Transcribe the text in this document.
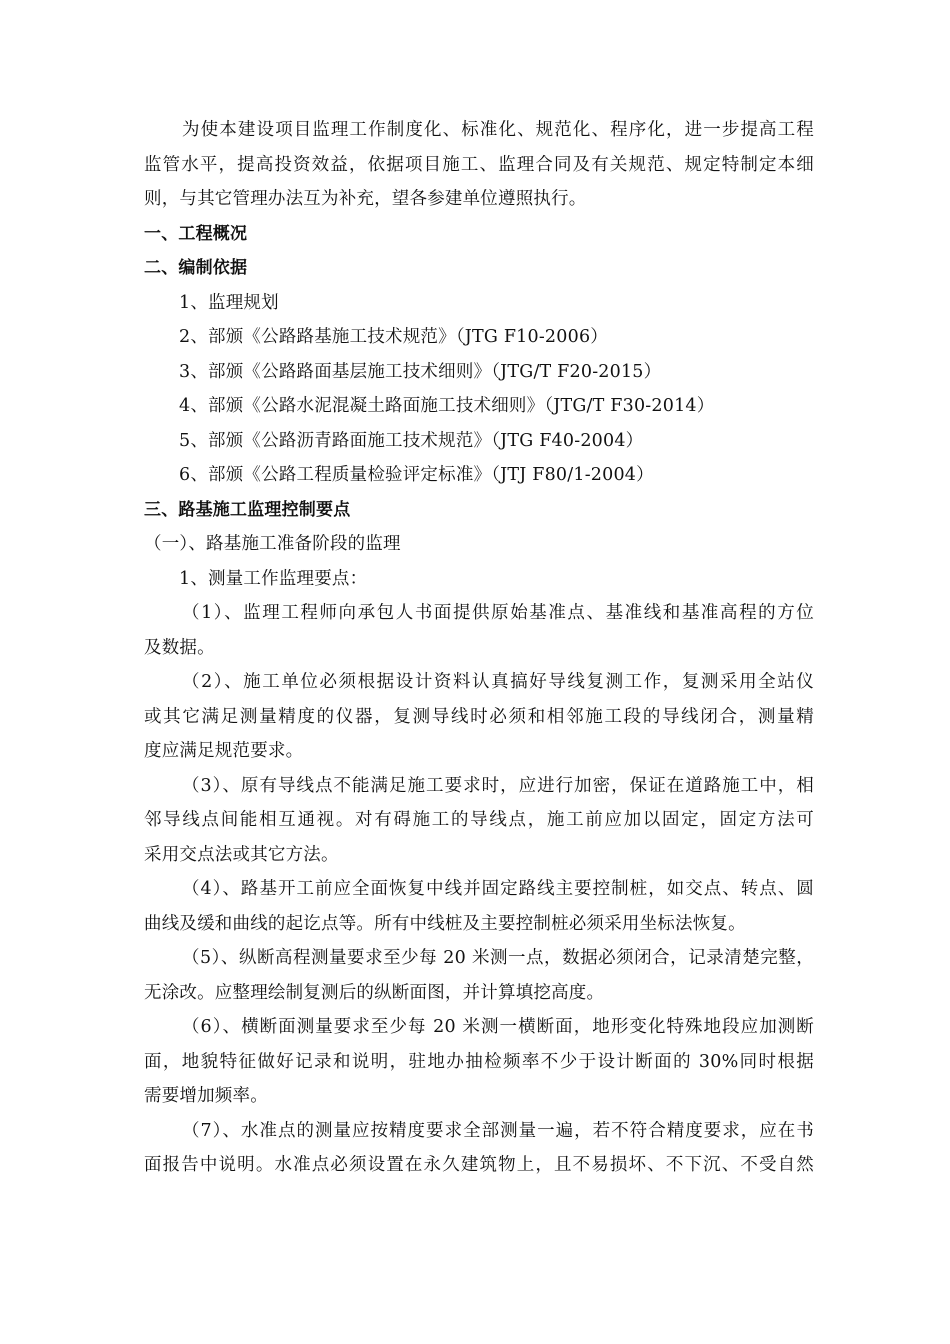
为使本建设项目监理工作制度化、标准化、规范化、程序化，进一步提高工程
监管水平，提高投资效益，依据项目施工、监理合同及有关规范、规定特制定本细
则，与其它管理办法互为补充，望各参建单位遵照执行。
一、工程概况
二、编制依据
1、监理规划
2、部颁《公路路基施工技术规范》（JTG F10-2006）
3、部颁《公路路面基层施工技术细则》（JTG/T F20-2015）
4、部颁《公路水泥混凝土路面施工技术细则》（JTG/T F30-2014）
5、部颁《公路沥青路面施工技术规范》（JTG F40-2004）
6、部颁《公路工程质量检验评定标准》（JTJ F80/1-2004）
三、路基施工监理控制要点
（一）、路基施工准备阶段的监理
1、测量工作监理要点：
（1）、监理工程师向承包人书面提供原始基准点、基准线和基准高程的方位
及数据。
（2）、施工单位必须根据设计资料认真搞好导线复测工作，复测采用全站仪
或其它满足测量精度的仪器，复测导线时必须和相邻施工段的导线闭合，测量精
度应满足规范要求。
（3）、原有导线点不能满足施工要求时，应进行加密，保证在道路施工中，相
邻导线点间能相互通视。对有碍施工的导线点，施工前应加以固定，固定方法可
采用交点法或其它方法。
（4）、路基开工前应全面恢复中线并固定路线主要控制桩，如交点、转点、圆
曲线及缓和曲线的起讫点等。所有中线桩及主要控制桩必须采用坐标法恢复。
（5）、纵断高程测量要求至少每 20 米测一点，数据必须闭合，记录清楚完整，
无涂改。应整理绘制复测后的纵断面图，并计算填挖高度。
（6）、横断面测量要求至少每 20 米测一横断面，地形变化特殊地段应加测断
面，地貌特征做好记录和说明，驻地办抽检频率不少于设计断面的 30%同时根据
需要增加频率。
（7）、水准点的测量应按精度要求全部测量一遍，若不符合精度要求，应在书
面报告中说明。水准点必须设置在永久建筑物上，且不易损坏、不下沉、不受自然
